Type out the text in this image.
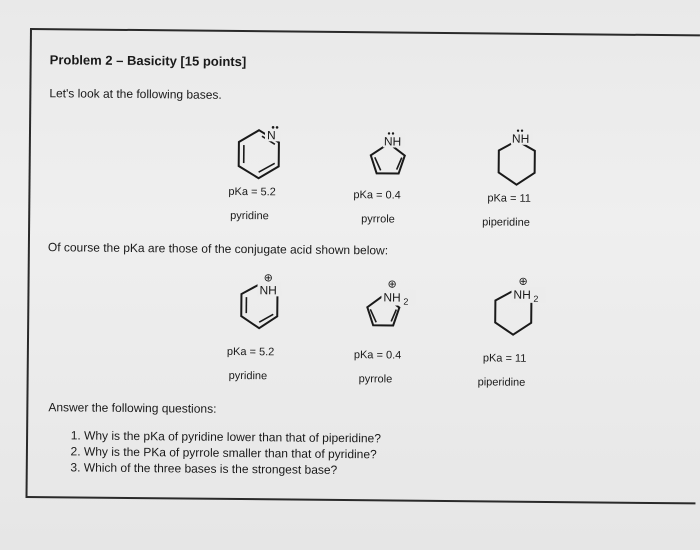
Problem 2 – Basicity [15 points]
Let's look at the following bases.
N	NH	NH
pKa = 5.2
pyridine
pKa = 0.4
pyrrole
pKa = 11
piperidine
Of course the pKa are those of the conjugate acid shown below:
NH
⊕
NH 2
⊕
NH 2
⊕
pKa = 5.2
pyridine
pKa = 0.4
pyrrole
pKa = 11
piperidine
Answer the following questions:
1. Why is the pKa of pyridine lower than that of piperidine?
2. Why is the PKa of pyrrole smaller than that of pyridine?
3. Which of the three bases is the strongest base?
